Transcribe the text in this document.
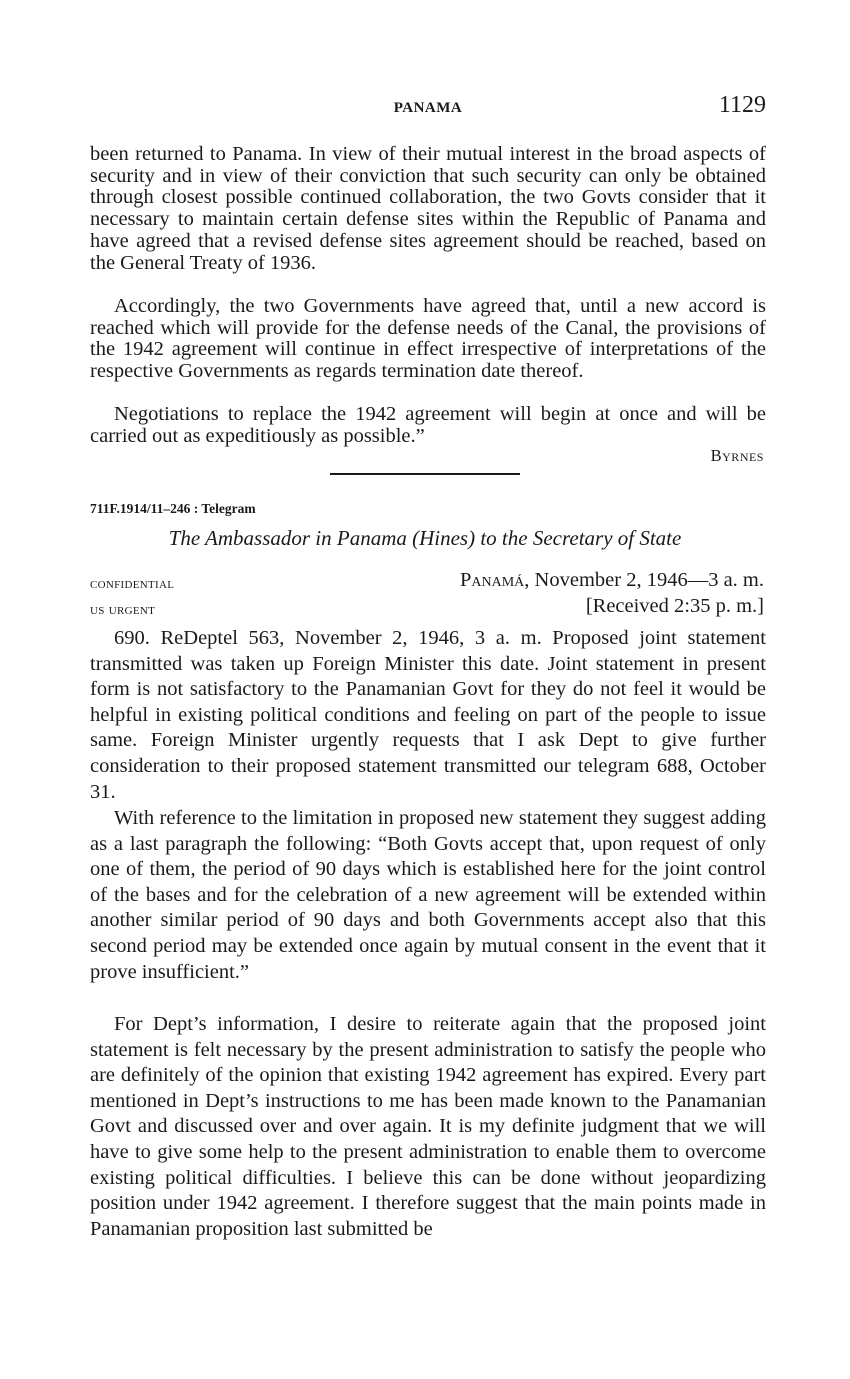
PANAMA	1129

been returned to Panama. In view of their mutual interest in the broad aspects of security and in view of their conviction that such security can only be obtained through closest possible continued collaboration, the two Govts consider that it necessary to maintain certain defense sites within the Republic of Panama and have agreed that a revised defense sites agreement should be reached, based on the General Treaty of 1936.

Accordingly, the two Governments have agreed that, until a new accord is reached which will provide for the defense needs of the Canal, the provisions of the 1942 agreement will continue in effect irrespective of interpretations of the respective Governments as regards termination date thereof.

Negotiations to replace the 1942 agreement will begin at once and will be carried out as expeditiously as possible.”

Byrnes
711F.1914/11–246 : Telegram
The Ambassador in Panama (Hines) to the Secretary of State
confidential	Panamá, November 2, 1946—3 a. m.
us urgent	[Received 2:35 p. m.]

690. ReDeptel 563, November 2, 1946, 3 a. m. Proposed joint statement transmitted was taken up Foreign Minister this date. Joint statement in present form is not satisfactory to the Panamanian Govt for they do not feel it would be helpful in existing political conditions and feeling on part of the people to issue same. Foreign Minister urgently requests that I ask Dept to give further consideration to their proposed statement transmitted our telegram 688, October 31.

With reference to the limitation in proposed new statement they suggest adding as a last paragraph the following: “Both Govts accept that, upon request of only one of them, the period of 90 days which is established here for the joint control of the bases and for the celebration of a new agreement will be extended within another similar period of 90 days and both Governments accept also that this second period may be extended once again by mutual consent in the event that it prove insufficient.”

For Dept’s information, I desire to reiterate again that the proposed joint statement is felt necessary by the present administration to satisfy the people who are definitely of the opinion that existing 1942 agreement has expired. Every part mentioned in Dept’s instructions to me has been made known to the Panamanian Govt and discussed over and over again. It is my definite judgment that we will have to give some help to the present administration to enable them to overcome existing political difficulties. I believe this can be done without jeopardizing position under 1942 agreement. I therefore suggest that the main points made in Panamanian proposition last submitted be
